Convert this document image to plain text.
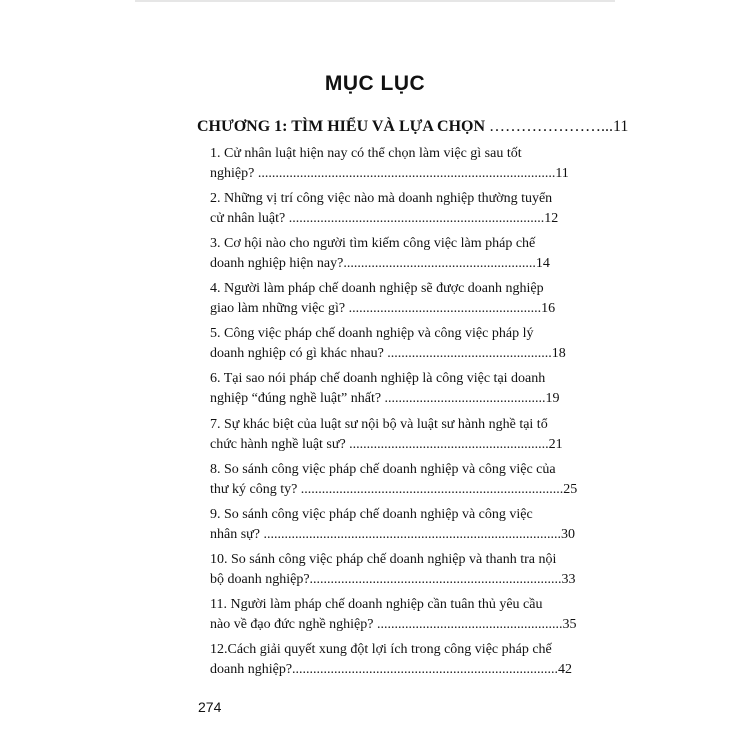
MỤC LỤC
CHƯƠNG 1: TÌM HIỂU VÀ LỰA CHỌN …………………...11
1. Cử nhân luật hiện nay có thể chọn làm việc gì sau tốt
nghiệp? .....................................................................................11
2. Những vị trí công việc nào mà doanh nghiệp thường tuyển
cử nhân luật? .........................................................................12
3. Cơ hội nào cho người tìm kiếm công việc làm pháp chế
doanh nghiệp hiện nay?.......................................................14
4. Người làm pháp chế doanh nghiệp sẽ được doanh nghiệp
giao làm những việc gì? .......................................................16
5. Công việc pháp chế doanh nghiệp và công việc pháp lý
doanh nghiệp có gì khác nhau? ...............................................18
6. Tại sao nói pháp chế doanh nghiệp là công việc tại doanh
nghiệp “đúng nghề luật” nhất? ..............................................19
7. Sự khác biệt của luật sư nội bộ và luật sư hành nghề tại tổ
chức hành nghề luật sư? .........................................................21
8. So sánh công việc pháp chế doanh nghiệp và công việc của
thư ký công ty? ...........................................................................25
9. So sánh công việc pháp chế doanh nghiệp và công việc
nhân sự? .....................................................................................30
10. So sánh công việc pháp chế doanh nghiệp và thanh tra nội
bộ doanh nghiệp?........................................................................33
11. Người làm pháp chế doanh nghiệp cần tuân thủ yêu cầu
nào về đạo đức nghề nghiệp? .....................................................35
12.Cách giải quyết xung đột lợi ích trong công việc pháp chế
doanh nghiệp?............................................................................42
274
